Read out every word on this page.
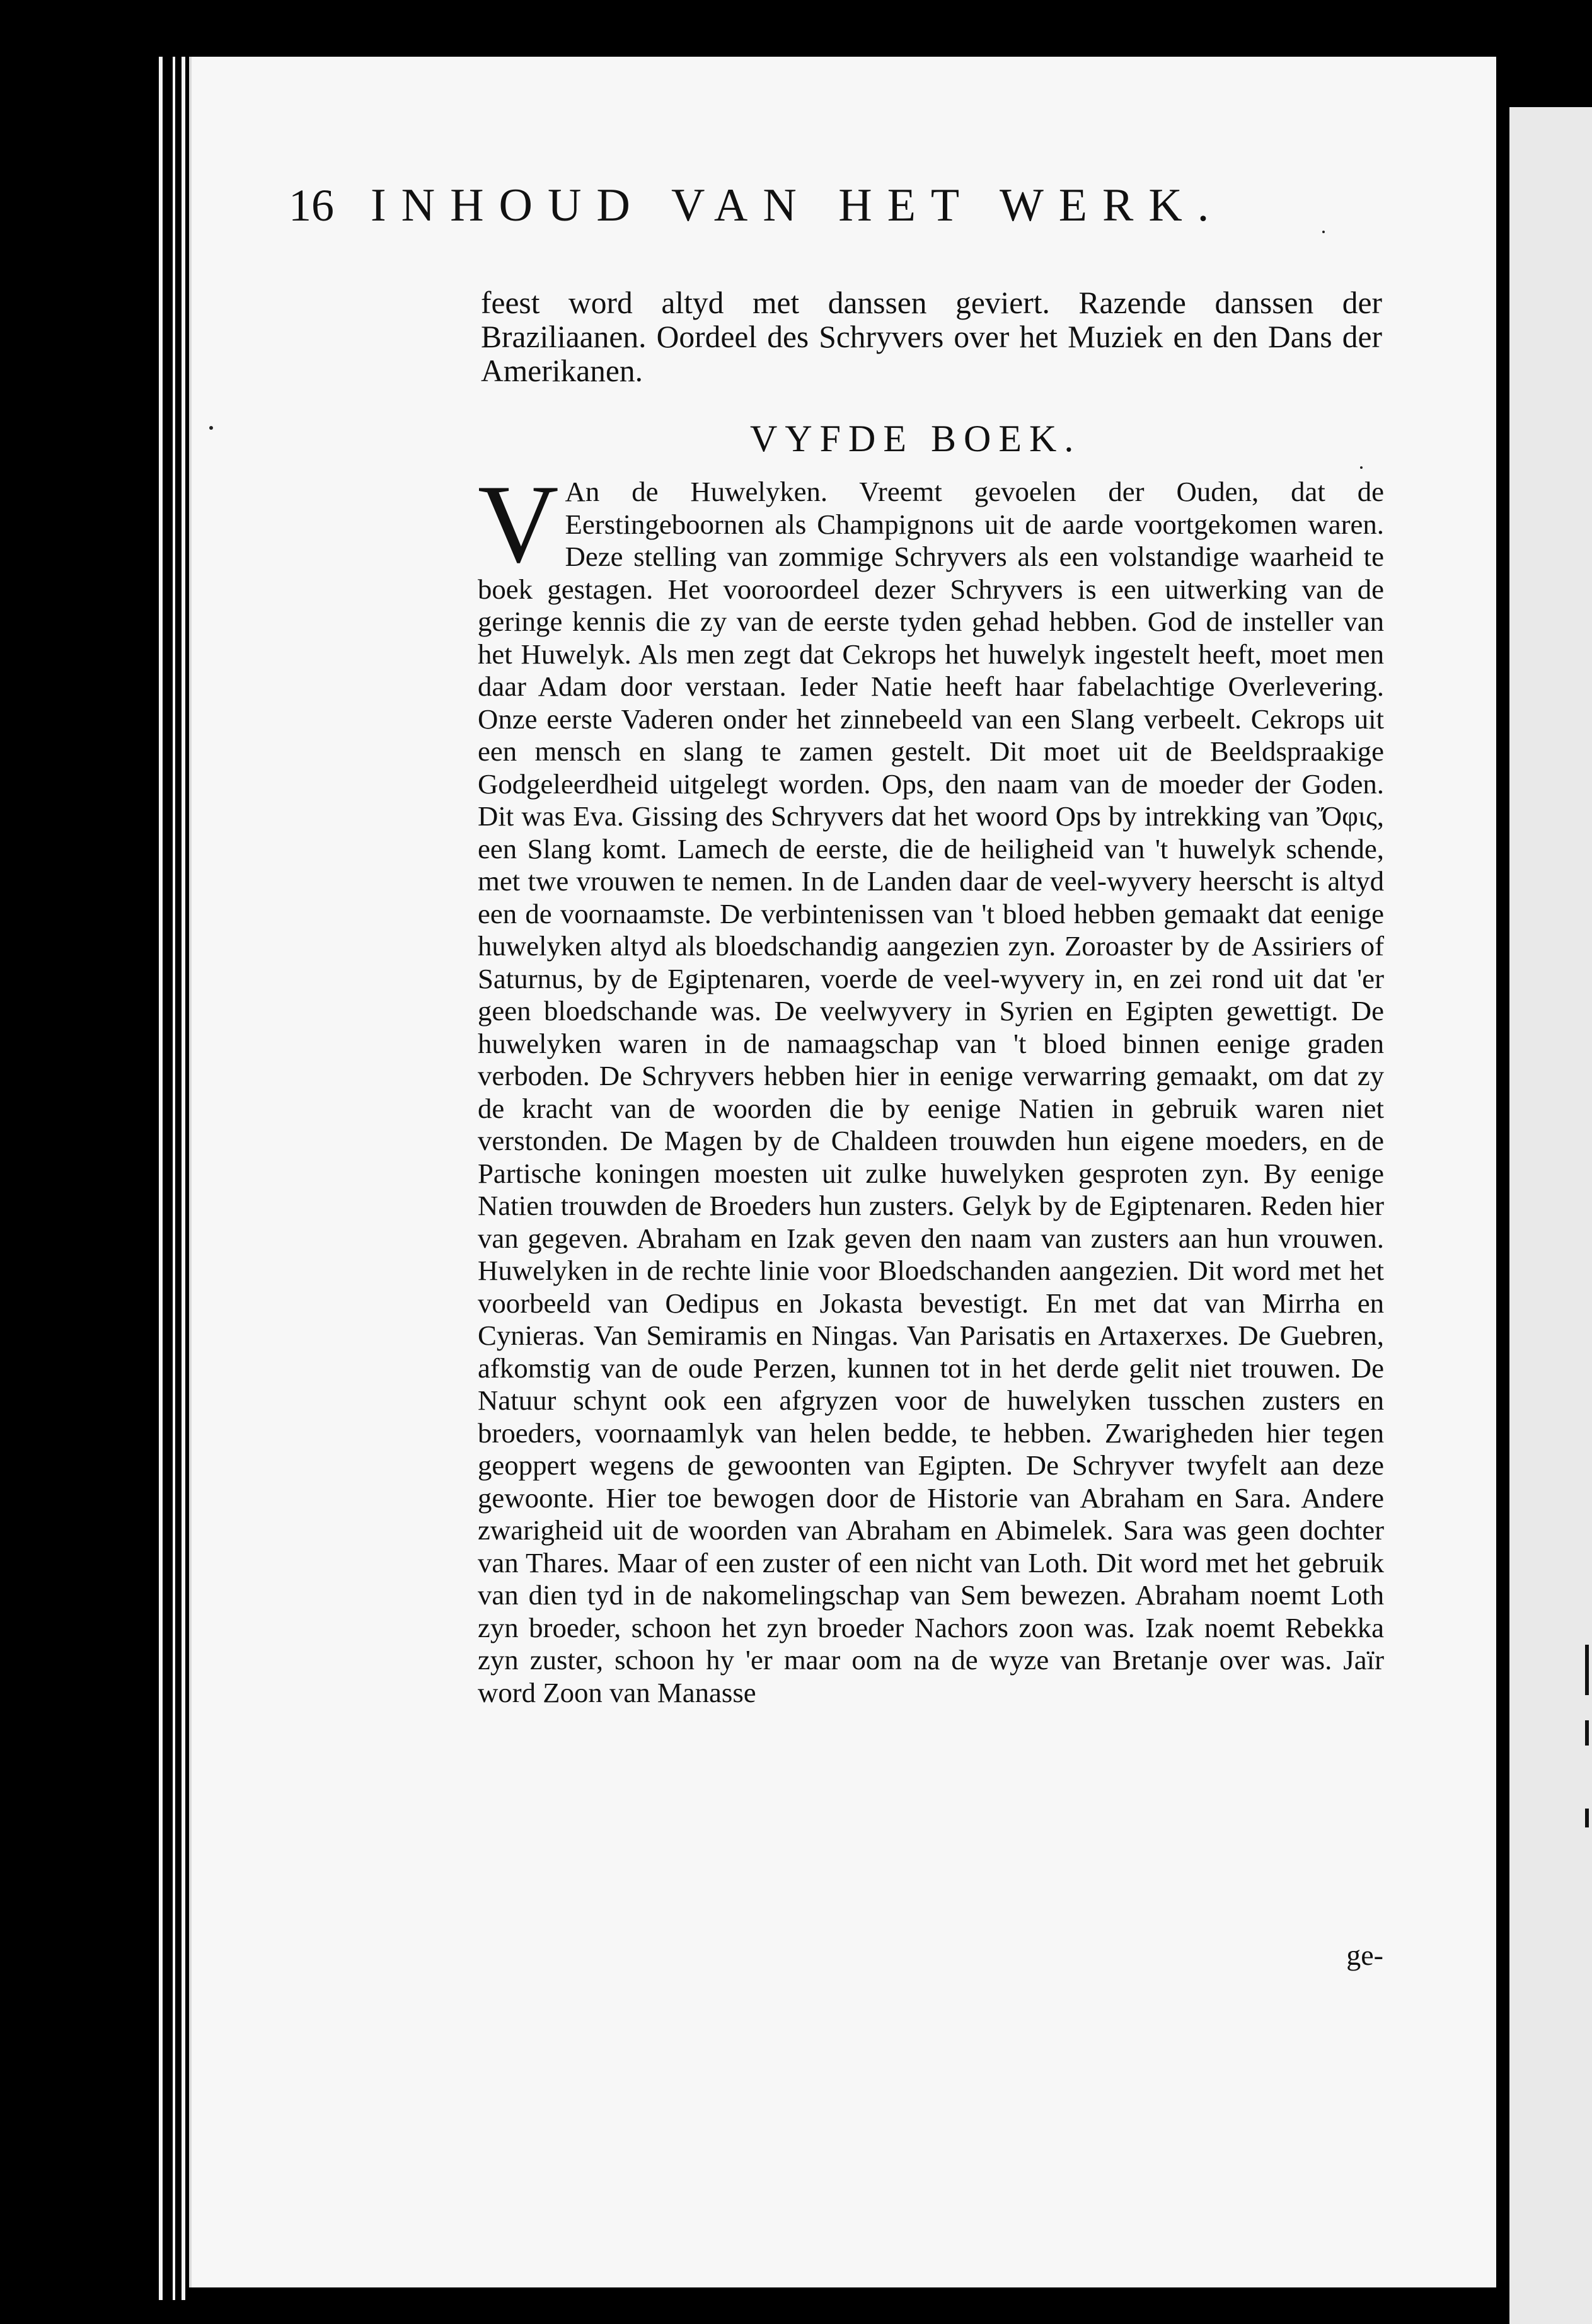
16 INHOUD VAN HET WERK.

feest word altyd met danssen geviert. Razende danssen der Braziliaanen. Oordeel des Schryvers over het Muziek en den Dans der Amerikanen.

VYFDE BOEK.

V An de Huwelyken. Vreemt gevoelen der Ouden, dat de Eerstingeboornen als Champignons uit de aarde voortgekomen waren. Deze stelling van zommige Schryvers als een volstandige waarheid te boek gestagen. Het vooroordeel dezer Schryvers is een uitwerking van de geringe kennis die zy van de eerste tyden gehad hebben. God de insteller van het Huwelyk. Als men zegt dat Cekrops het huwelyk ingestelt heeft, moet men daar Adam door verstaan. Ieder Natie heeft haar fabelachtige Overlevering. Onze eerste Vaderen onder het zinnebeeld van een Slang verbeelt. Cekrops uit een mensch en slang te zamen gestelt. Dit moet uit de Beeldspraakige Godgeleerdheid uitgelegt worden. Ops, den naam van de moeder der Goden. Dit was Eva. Gissing des Schryvers dat het woord Ops by intrekking van Ὄφις, een Slang komt. Lamech de eerste, die de heiligheid van 't huwelyk schende, met twe vrouwen te nemen. In de Landen daar de veel-wyvery heerscht is altyd een de voornaamste. De verbintenissen van 't bloed hebben gemaakt dat eenige huwelyken altyd als bloedschandig aangezien zyn. Zoroaster by de Assiriers of Saturnus, by de Egiptenaren, voerde de veel-wyvery in, en zei rond uit dat 'er geen bloedschande was. De veelwyvery in Syrien en Egipten gewettigt. De huwelyken waren in de namaagschap van 't bloed binnen eenige graden verboden. De Schryvers hebben hier in eenige verwarring gemaakt, om dat zy de kracht van de woorden die by eenige Natien in gebruik waren niet verstonden. De Magen by de Chaldeen trouwden hun eigene moeders, en de Partische koningen moesten uit zulke huwelyken gesproten zyn. By eenige Natien trouwden de Broeders hun zusters. Gelyk by de Egiptenaren. Reden hier van gegeven. Abraham en Izak geven den naam van zusters aan hun vrouwen. Huwelyken in de rechte linie voor Bloedschanden aangezien. Dit word met het voorbeeld van Oedipus en Jokasta bevestigt. En met dat van Mirrha en Cynieras. Van Semiramis en Ningas. Van Parisatis en Artaxerxes. De Guebren, afkomstig van de oude Perzen, kunnen tot in het derde gelit niet trouwen. De Natuur schynt ook een afgryzen voor de huwelyken tusschen zusters en broeders, voornaamlyk van helen bedde, te hebben. Zwarigheden hier tegen geoppert wegens de gewoonten van Egipten. De Schryver twyfelt aan deze gewoonte. Hier toe bewogen door de Historie van Abraham en Sara. Andere zwarigheid uit de woorden van Abraham en Abimelek. Sara was geen dochter van Thares. Maar of een zuster of een nicht van Loth. Dit word met het gebruik van dien tyd in de nakomelingschap van Sem bewezen. Abraham noemt Loth zyn broeder, schoon het zyn broeder Nachors zoon was. Izak noemt Rebekka zyn zuster, schoon hy 'er maar oom na de wyze van Bretanje over was. Jaïr word Zoon van Manasse

ge-
